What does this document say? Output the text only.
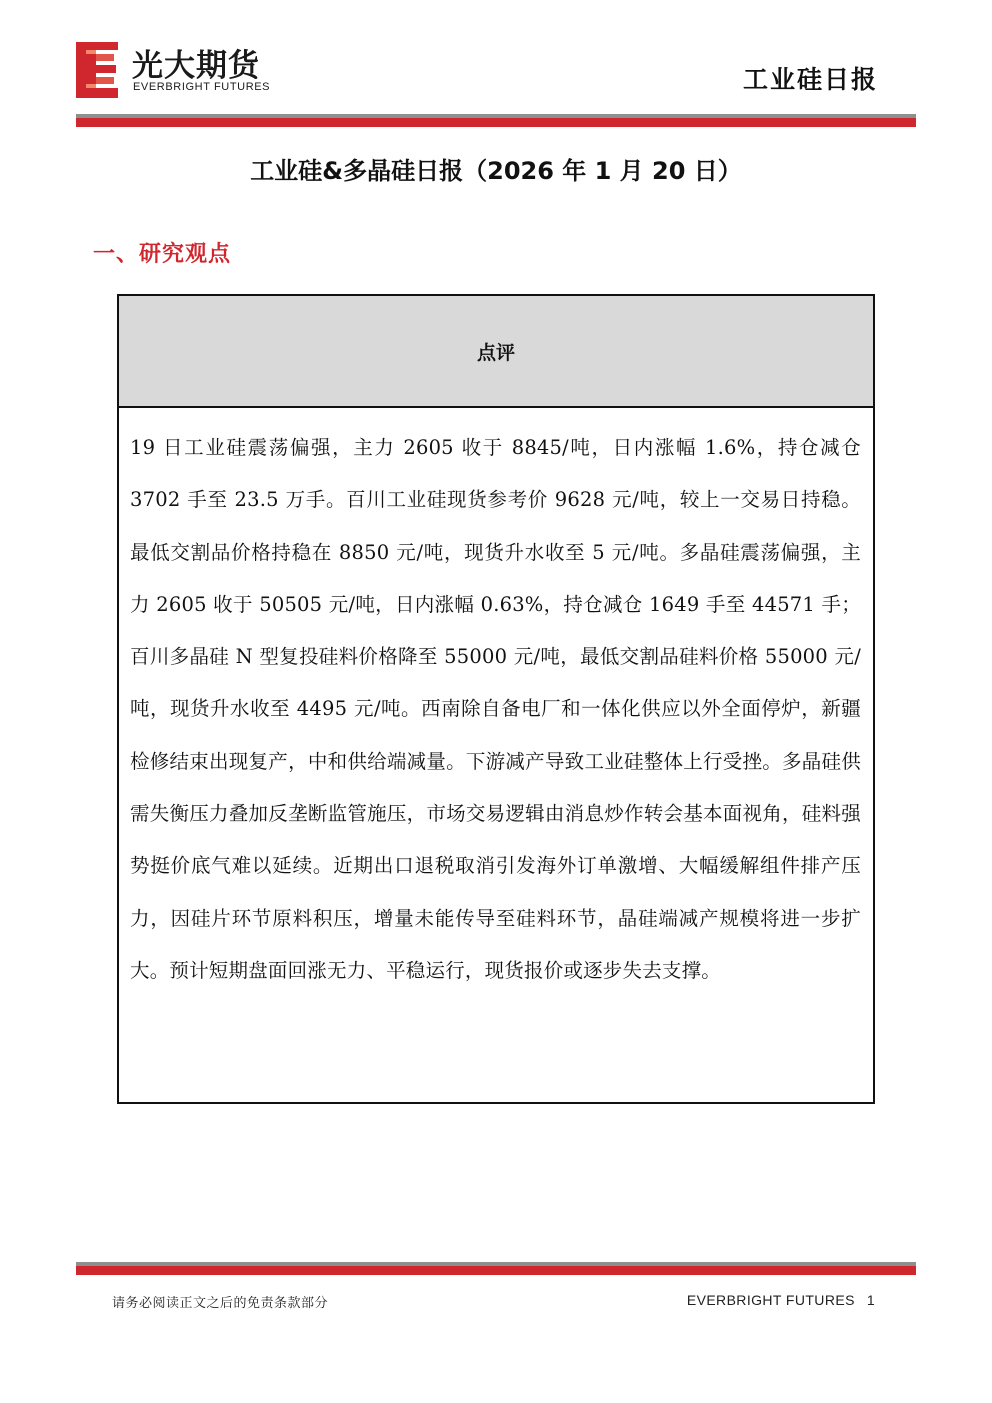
光大期货
EVERBRIGHT FUTURES	工业硅日报
工业硅&多晶硅日报（2026 年 1 月 20 日）
一、研究观点
点评
19 日工业硅震荡偏强，主力 2605 收于 8845/吨，日内涨幅 1.6%，持仓减仓 3702 手至 23.5 万手。百川工业硅现货参考价 9628 元/吨，较上一交易日持稳。最低交割品价格持稳在 8850 元/吨，现货升水收至 5 元/吨。多晶硅震荡偏强，主力 2605 收于 50505 元/吨，日内涨幅 0.63%，持仓减仓 1649 手至 44571 手；百川多晶硅 N 型复投硅料价格降至 55000 元/吨，最低交割品硅料价格 55000 元/吨，现货升水收至 4495 元/吨。西南除自备电厂和一体化供应以外全面停炉，新疆检修结束出现复产，中和供给端减量。下游减产导致工业硅整体上行受挫。多晶硅供需失衡压力叠加反垄断监管施压，市场交易逻辑由消息炒作转会基本面视角，硅料强势挺价底气难以延续。近期出口退税取消引发海外订单激增、大幅缓解组件排产压力，因硅片环节原料积压，增量未能传导至硅料环节，晶硅端减产规模将进一步扩大。预计短期盘面回涨无力、平稳运行，现货报价或逐步失去支撑。
请务必阅读正文之后的免责条款部分	EVERBRIGHT FUTURES 1
